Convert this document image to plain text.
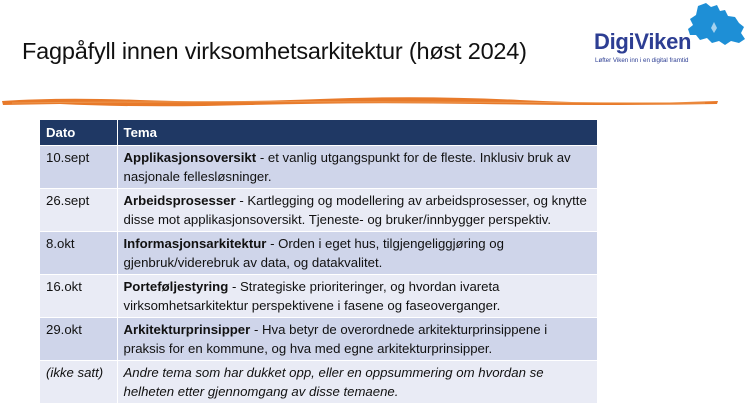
Fagpåfyll innen virksomhetsarkitektur (høst 2024)	DigiViken
Løfter Viken inn i en digital framtid
Dato	Tema
10.sept	Applikasjonsoversikt - et vanlig utgangspunkt for de fleste. Inklusiv bruk av nasjonale fellesløsninger.
26.sept	Arbeidsprosesser - Kartlegging og modellering av arbeidsprosesser, og knytte disse mot applikasjonsoversikt. Tjeneste- og bruker/innbygger perspektiv.
8.okt	Informasjonsarkitektur - Orden i eget hus, tilgjengeliggjøring og gjenbruk/viderebruk av data, og datakvalitet.
16.okt	Porteføljestyring - Strategiske prioriteringer, og hvordan ivareta virksomhetsarkitektur perspektivene i fasene og faseoverganger.
29.okt	Arkitekturprinsipper - Hva betyr de overordnede arkitekturprinsippene i praksis for en kommune, og hva med egne arkitekturprinsipper.
(ikke satt)	Andre tema som har dukket opp, eller en oppsummering om hvordan se helheten etter gjennomgang av disse temaene.
